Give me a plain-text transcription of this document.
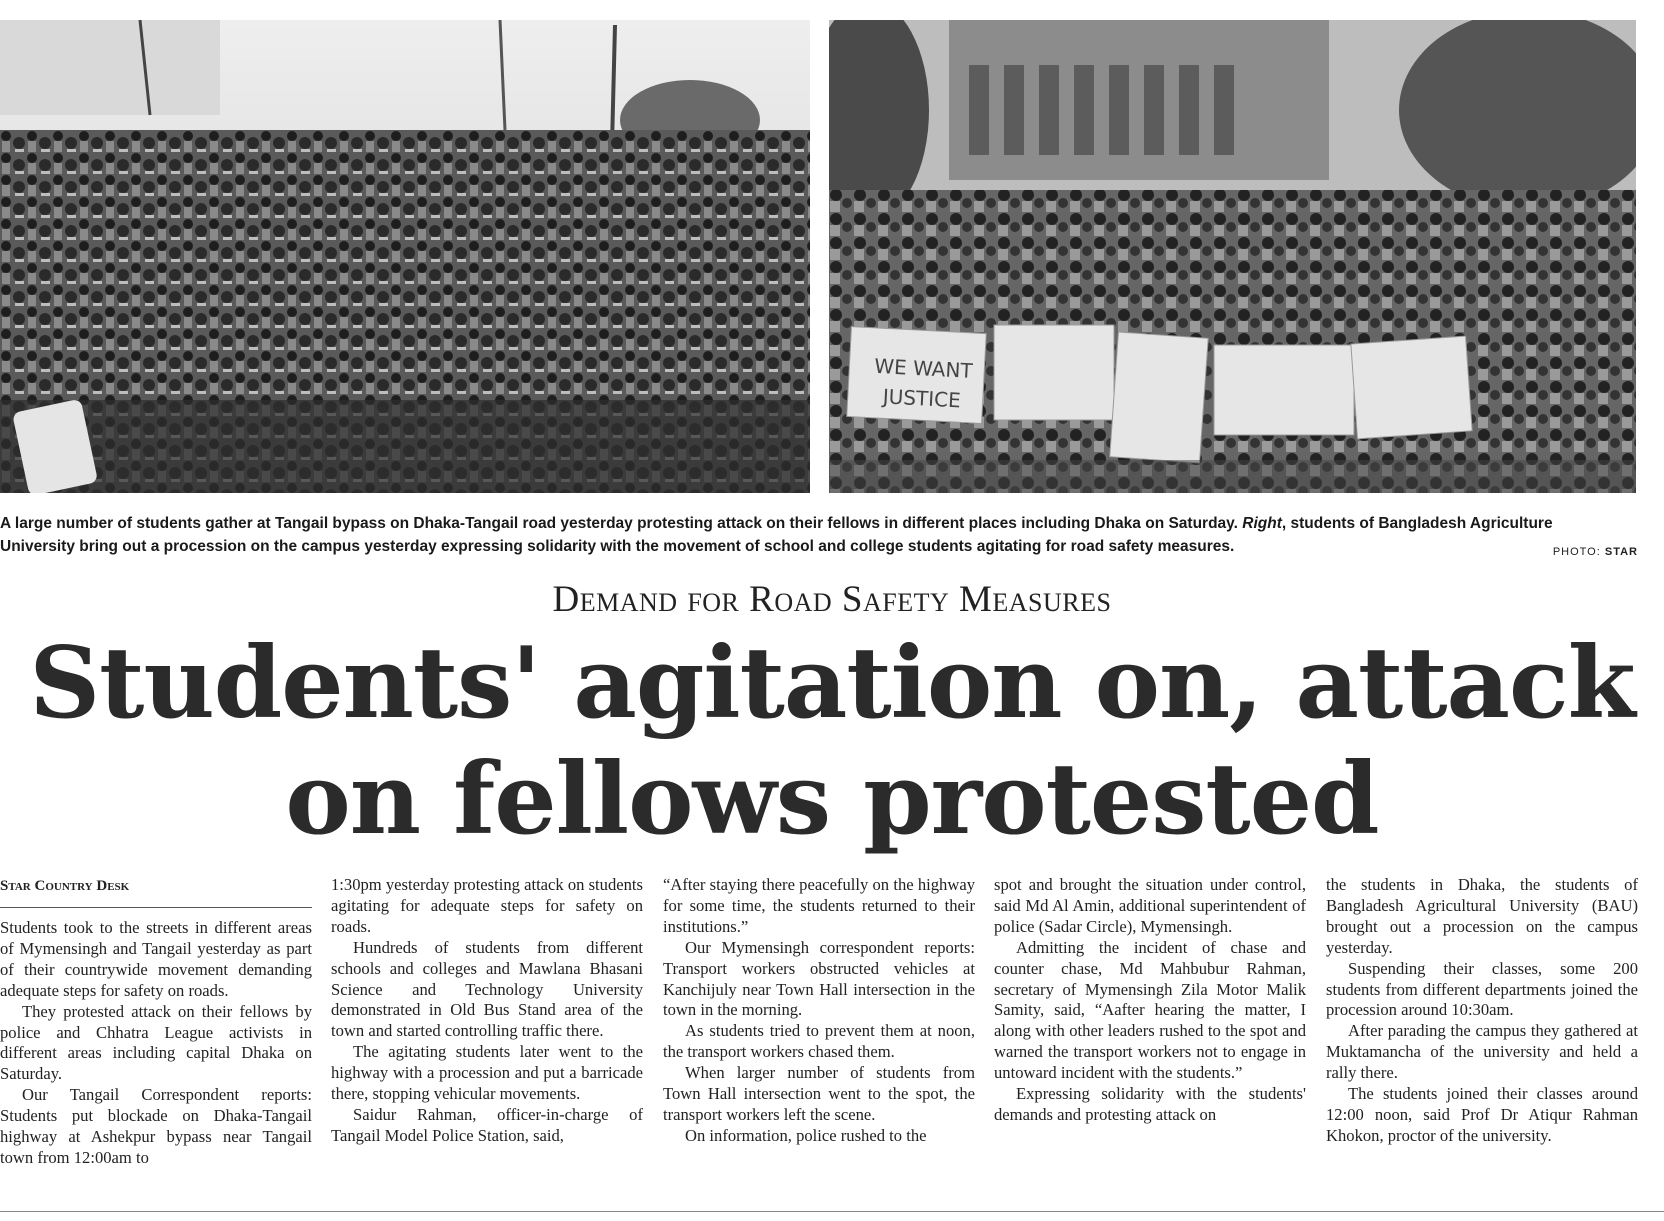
WE WANT
JUSTICE
A large number of students gather at Tangail bypass on Dhaka-Tangail road yesterday protesting attack on their fellows in different places including Dhaka on Saturday. Right, students of Bangladesh Agriculture University bring out a procession on the campus yesterday expressing solidarity with the movement of school and college students agitating for road safety measures.	PHOTO: STAR
Demand for Road Safety Measures
Students' agitation on, attack
on fellows protested
Star Country Desk

Students took to the streets in different areas of Mymensingh and Tangail yesterday as part of their countrywide movement demanding adequate steps for safety on roads.

They protested attack on their fellows by police and Chhatra League activists in different areas including capital Dhaka on Saturday.

Our Tangail Correspondent reports: Students put blockade on Dhaka-Tangail highway at Ashekpur bypass near Tangail town from 12:00am to

1:30pm yesterday protesting attack on students agitating for adequate steps for safety on roads.

Hundreds of students from different schools and colleges and Mawlana Bhasani Science and Technology University demonstrated in Old Bus Stand area of the town and started controlling traffic there.

The agitating students later went to the highway with a procession and put a barricade there, stopping vehicular movements.

Saidur Rahman, officer-in-charge of Tangail Model Police Station, said,

“After staying there peacefully on the highway for some time, the students returned to their institutions.”

Our Mymensingh correspondent reports: Transport workers obstructed vehicles at Kanchijuly near Town Hall intersection in the town in the morning.

As students tried to prevent them at noon, the transport workers chased them.

When larger number of students from Town Hall intersection went to the spot, the transport workers left the scene.

On information, police rushed to the

spot and brought the situation under control, said Md Al Amin, additional superintendent of police (Sadar Circle), Mymensingh.

Admitting the incident of chase and counter chase, Md Mahbubur Rahman, secretary of Mymensingh Zila Motor Malik Samity, said, “Aafter hearing the matter, I along with other leaders rushed to the spot and warned the transport workers not to engage in untoward incident with the students.”

Expressing solidarity with the students' demands and protesting attack on

the students in Dhaka, the students of Bangladesh Agricultural University (BAU) brought out a procession on the campus yesterday.

Suspending their classes, some 200 students from different departments joined the procession around 10:30am.

After parading the campus they gathered at Muktamancha of the university and held a rally there.

The students joined their classes around 12:00 noon, said Prof Dr Atiqur Rahman Khokon, proctor of the university.
